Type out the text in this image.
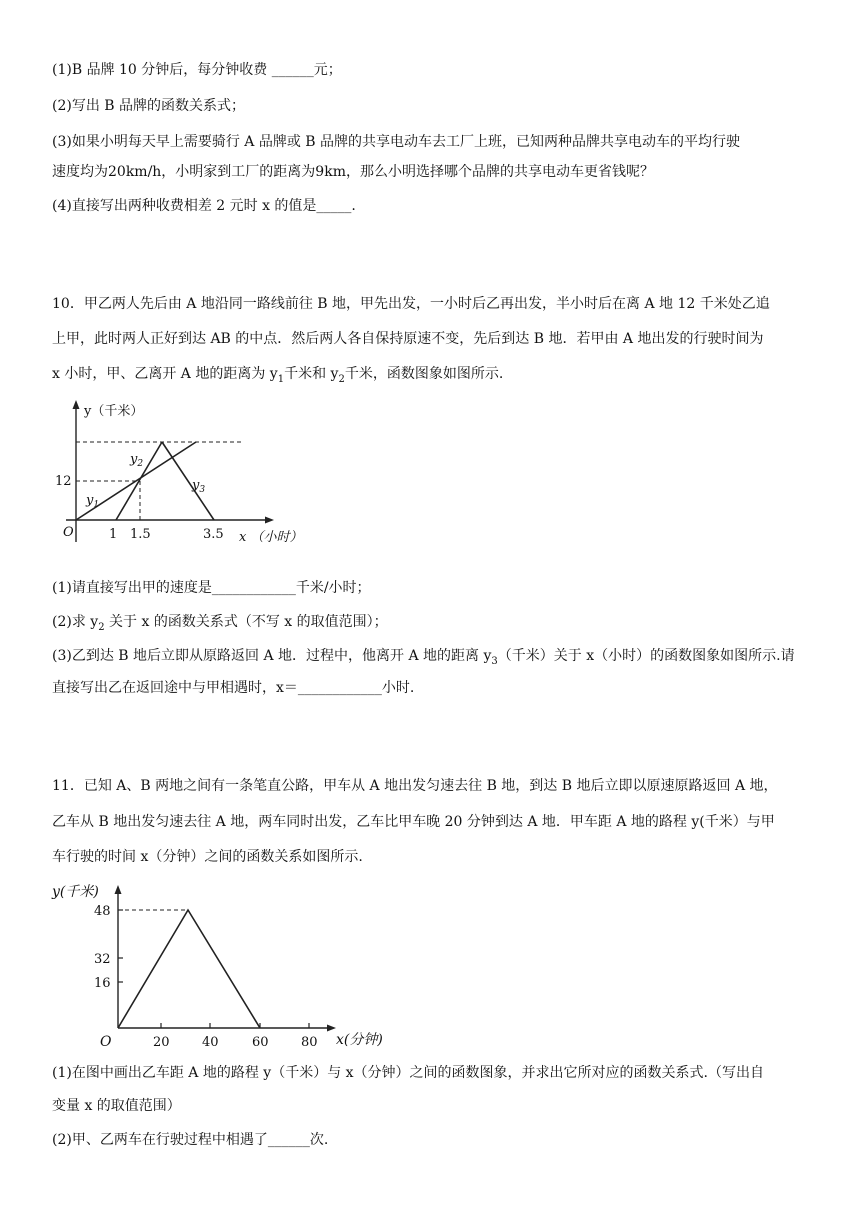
(1)B 品牌 10 分钟后，每分钟收费 ______元；
(2)写出 B 品牌的函数关系式；
(3)如果小明每天早上需要骑行 A 品牌或 B 品牌的共享电动车去工厂上班，已知两种品牌共享电动车的平均行驶
速度均为20km/h，小明家到工厂的距离为9km，那么小明选择哪个品牌的共享电动车更省钱呢？
(4)直接写出两种收费相差 2 元时 x 的值是_____.
10．甲乙两人先后由 A 地沿同一路线前往 B 地，甲先出发，一小时后乙再出发，半小时后在离 A 地 12 千米处乙追
上甲，此时两人正好到达 AB 的中点．然后两人各自保持原速不变，先后到达 B 地．若甲由 A 地出发的行驶时间为
x 小时，甲、乙离开 A 地的距离为 $y_1$千米和 $y_2$千米，函数图象如图所示.
y（千米）
x （小时）
O
12
1 1.5	3.5
$y_1$
$y_2$
$y_3$
(1)请直接写出甲的速度是____________千米/小时；
(2)求 $y_2$ 关于 x 的函数关系式（不写 x 的取值范围）；
(3)乙到达 B 地后立即从原路返回 A 地．过程中，他离开 A 地的距离 $y_3$（千米）关于 x（小时）的函数图象如图所示.请
直接写出乙在返回途中与甲相遇时，x＝____________小时.
11．已知 A、B 两地之间有一条笔直公路，甲车从 A 地出发匀速去往 B 地，到达 B 地后立即以原速原路返回 A 地，
乙车从 B 地出发匀速去往 A 地，两车同时出发，乙车比甲车晚 20 分钟到达 A 地．甲车距 A 地的路程 y(千米）与甲
车行驶的时间 x（分钟）之间的函数关系如图所示.
y(千米)
x(分钟)
O
48
32
16
20 40	60 80
(1)在图中画出乙车距 A 地的路程 y（千米）与 x（分钟）之间的函数图象，并求出它所对应的函数关系式.（写出自
变量 x 的取值范围）
(2)甲、乙两车在行驶过程中相遇了______次.
